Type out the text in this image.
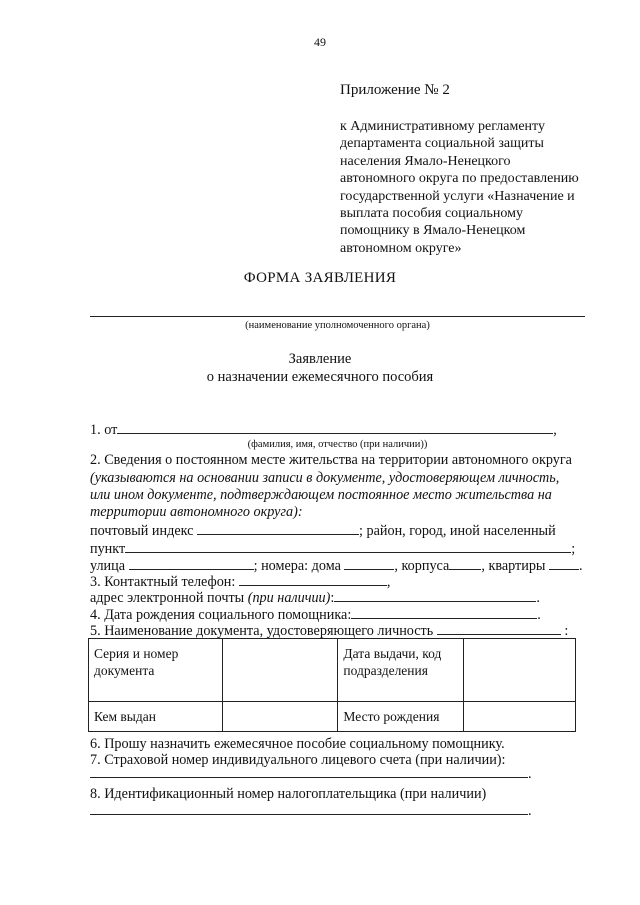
49
Приложение № 2
к Административному регламенту
департамента социальной защиты
населения Ямало-Ненецкого
автономного округа по предоставлению
государственной услуги «Назначение и
выплата пособия социальному
помощнику в Ямало-Ненецком
автономном округе»
ФОРМА ЗАЯВЛЕНИЯ
(наименование уполномоченного органа)
Заявление
о назначении ежемесячного пособия
1. от	,
(фамилия, имя, отчество (при наличии))
2. Сведения о постоянном месте жительства на территории автономного округа
(указываются на основании записи в документе, удостоверяющем личность,
или ином документе, подтверждающем постоянное место жительства на
территории автономного округа):
почтовый индекс	; район, город, иной населенный
пункт	;
улица	; номера: дома	, корпуса , квартиры .
3. Контактный телефон:	,
адрес электронной почты (при наличии):	.
4. Дата рождения социального помощника:	.
5. Наименование документа, удостоверяющего личность	:
Серия и номер документа		Дата выдачи, код подразделения	
Кем выдан		Место рождения	
6. Прошу назначить ежемесячное пособие социальному помощнику.
7. Страховой номер индивидуального лицевого счета (при наличии):
.
8. Идентификационный номер налогоплательщика (при наличии)
.
